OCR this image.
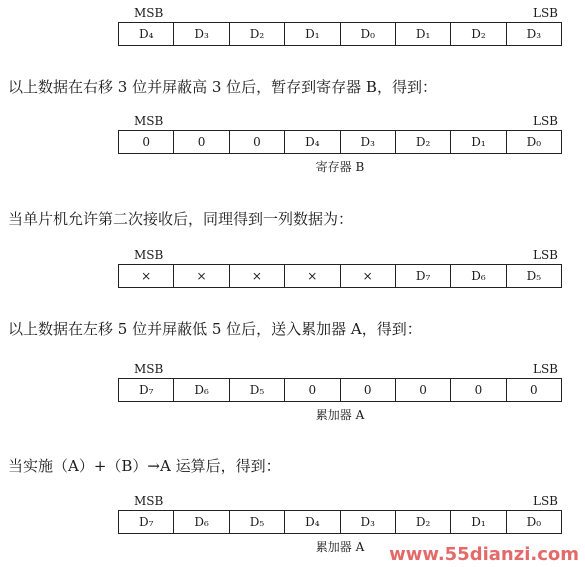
MSB	LSB
D₄	D₃	D₂	D₁	D₀	D₁	D₂	D₃
以上数据在右移 3 位并屏蔽高 3 位后，暂存到寄存器 B，得到：
MSB	LSB
0	0	0	D₄	D₃	D₂	D₁	D₀
寄存器 B
当单片机允许第二次接收后，同理得到一列数据为：
MSB	LSB
×	×	×	×	×	D₇	D₆	D₅
以上数据在左移 5 位并屏蔽低 5 位后，送入累加器 A，得到：
MSB	LSB
D₇	D₆	D₅	0	0	0	0	0
累加器 A
当实施（A）+（B）→A 运算后，得到：
MSB	LSB
D₇	D₆	D₅	D₄	D₃	D₂	D₁	D₀
累加器 A	www.55dianzi.com
